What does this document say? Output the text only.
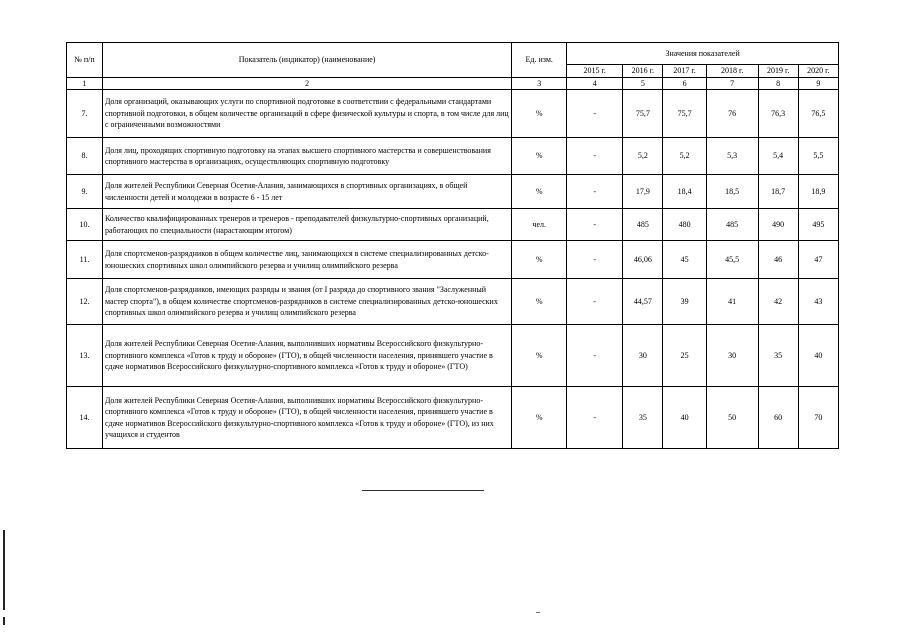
№ п/п	Показатель (индикатор) (наименование)	Ед. изм.	Значения показателей					
			2015 г.	2016 г.	2017 г.	2018 г.	2019 г.	2020 г.
1	2	3	4	5	6	7	8	9
7.	Доля организаций, оказывающих услуги по спортивной подготовке в соответствии с федеральными стандартами спортивной подготовки, в общем количестве организаций в сфере физической культуры и спорта, в том числе для лиц с ограниченными возможностями	%	-	75,7	75,7	76	76,3	76,5
8.	Доля лиц, проходящих спортивную подготовку на этапах высшего спортивного мастерства и совершенствования спортивного мастерства в организациях, осуществляющих спортивную подготовку	%	-	5,2	5,2	5,3	5,4	5,5
9.	Доля жителей Республики Северная Осетия-Алания, занимающихся в спортивных организациях, в общей численности детей и молодежи в возрасте 6 - 15 лет	%	-	17,9	18,4	18,5	18,7	18,9
10.	Количество квалифицированных тренеров и тренеров - преподавателей физкультурно-спортивных организаций, работающих по специальности (нарастающим итогом)	чел.	-	485	480	485	490	495
11.	Доля спортсменов-разрядников в общем количестве лиц, занимающихся в системе специализированных детско-юношеских спортивных школ олимпийского резерва и училищ олимпийского резерва	%	-	46,06	45	45,5	46	47
12.	Доля спортсменов-разрядников, имеющих разряды и звания (от I разряда до спортивного звания "Заслуженный мастер спорта"), в общем количестве спортсменов-разрядников в системе специализированных детско-юношеских спортивных школ олимпийского резерва и училищ олимпийского резерва	%	-	44,57	39	41	42	43
13.	Доля жителей Республики Северная Осетия-Алания, выполнивших нормативы Всероссийского физкультурно-спортивного комплекса «Готов к труду и обороне» (ГТО), в общей численности населения, принявшего участие в сдаче нормативов Всероссийского физкультурно-спортивного комплекса «Готов к труду и обороне» (ГТО)	%	-	30	25	30	35	40
14.	Доля жителей Республики Северная Осетия-Алания, выполнивших нормативы Всероссийского физкультурно-спортивного комплекса «Готов к труду и обороне» (ГТО), в общей численности населения, принявшего участие в сдаче нормативов Всероссийского физкультурно-спортивного комплекса «Готов к труду и обороне» (ГТО), из них учащихся и студентов	%	-	35	40	50	60	70
